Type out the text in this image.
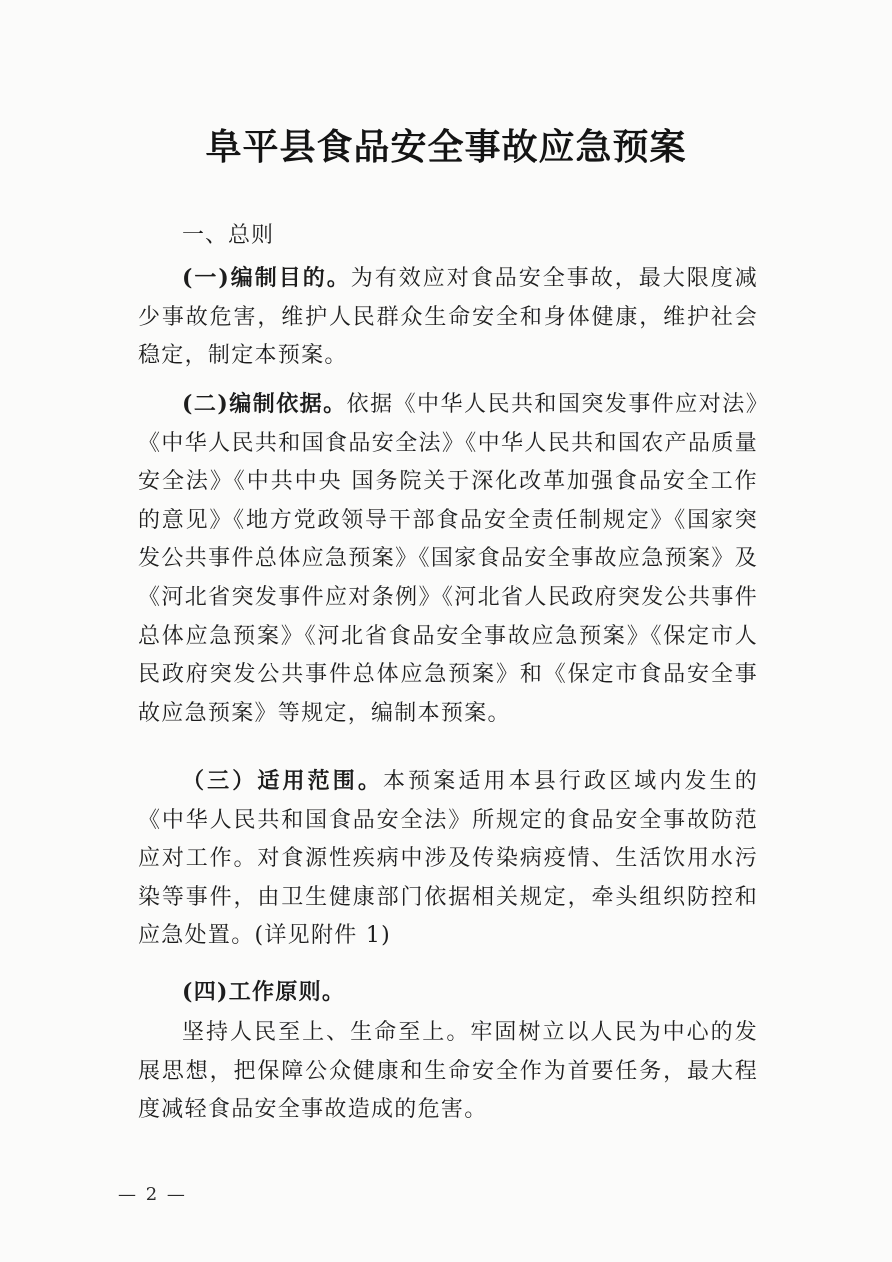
阜平县食品安全事故应急预案
一、总则

(一)编制目的。为有效应对食品安全事故，最大限度减少事故危害，维护人民群众生命安全和身体健康，维护社会稳定，制定本预案。

(二)编制依据。依据《中华人民共和国突发事件应对法》《中华人民共和国食品安全法》《中华人民共和国农产品质量安全法》《中共中央 国务院关于深化改革加强食品安全工作的意见》《地方党政领导干部食品安全责任制规定》《国家突发公共事件总体应急预案》《国家食品安全事故应急预案》及《河北省突发事件应对条例》《河北省人民政府突发公共事件总体应急预案》《河北省食品安全事故应急预案》《保定市人民政府突发公共事件总体应急预案》和《保定市食品安全事故应急预案》等规定，编制本预案。

（三）适用范围。本预案适用本县行政区域内发生的《中华人民共和国食品安全法》所规定的食品安全事故防范应对工作。对食源性疾病中涉及传染病疫情、生活饮用水污染等事件，由卫生健康部门依据相关规定，牵头组织防控和应急处置。(详见附件 1)

(四)工作原则。

坚持人民至上、生命至上。牢固树立以人民为中心的发展思想，把保障公众健康和生命安全作为首要任务，最大程度减轻食品安全事故造成的危害。

— 2 —
